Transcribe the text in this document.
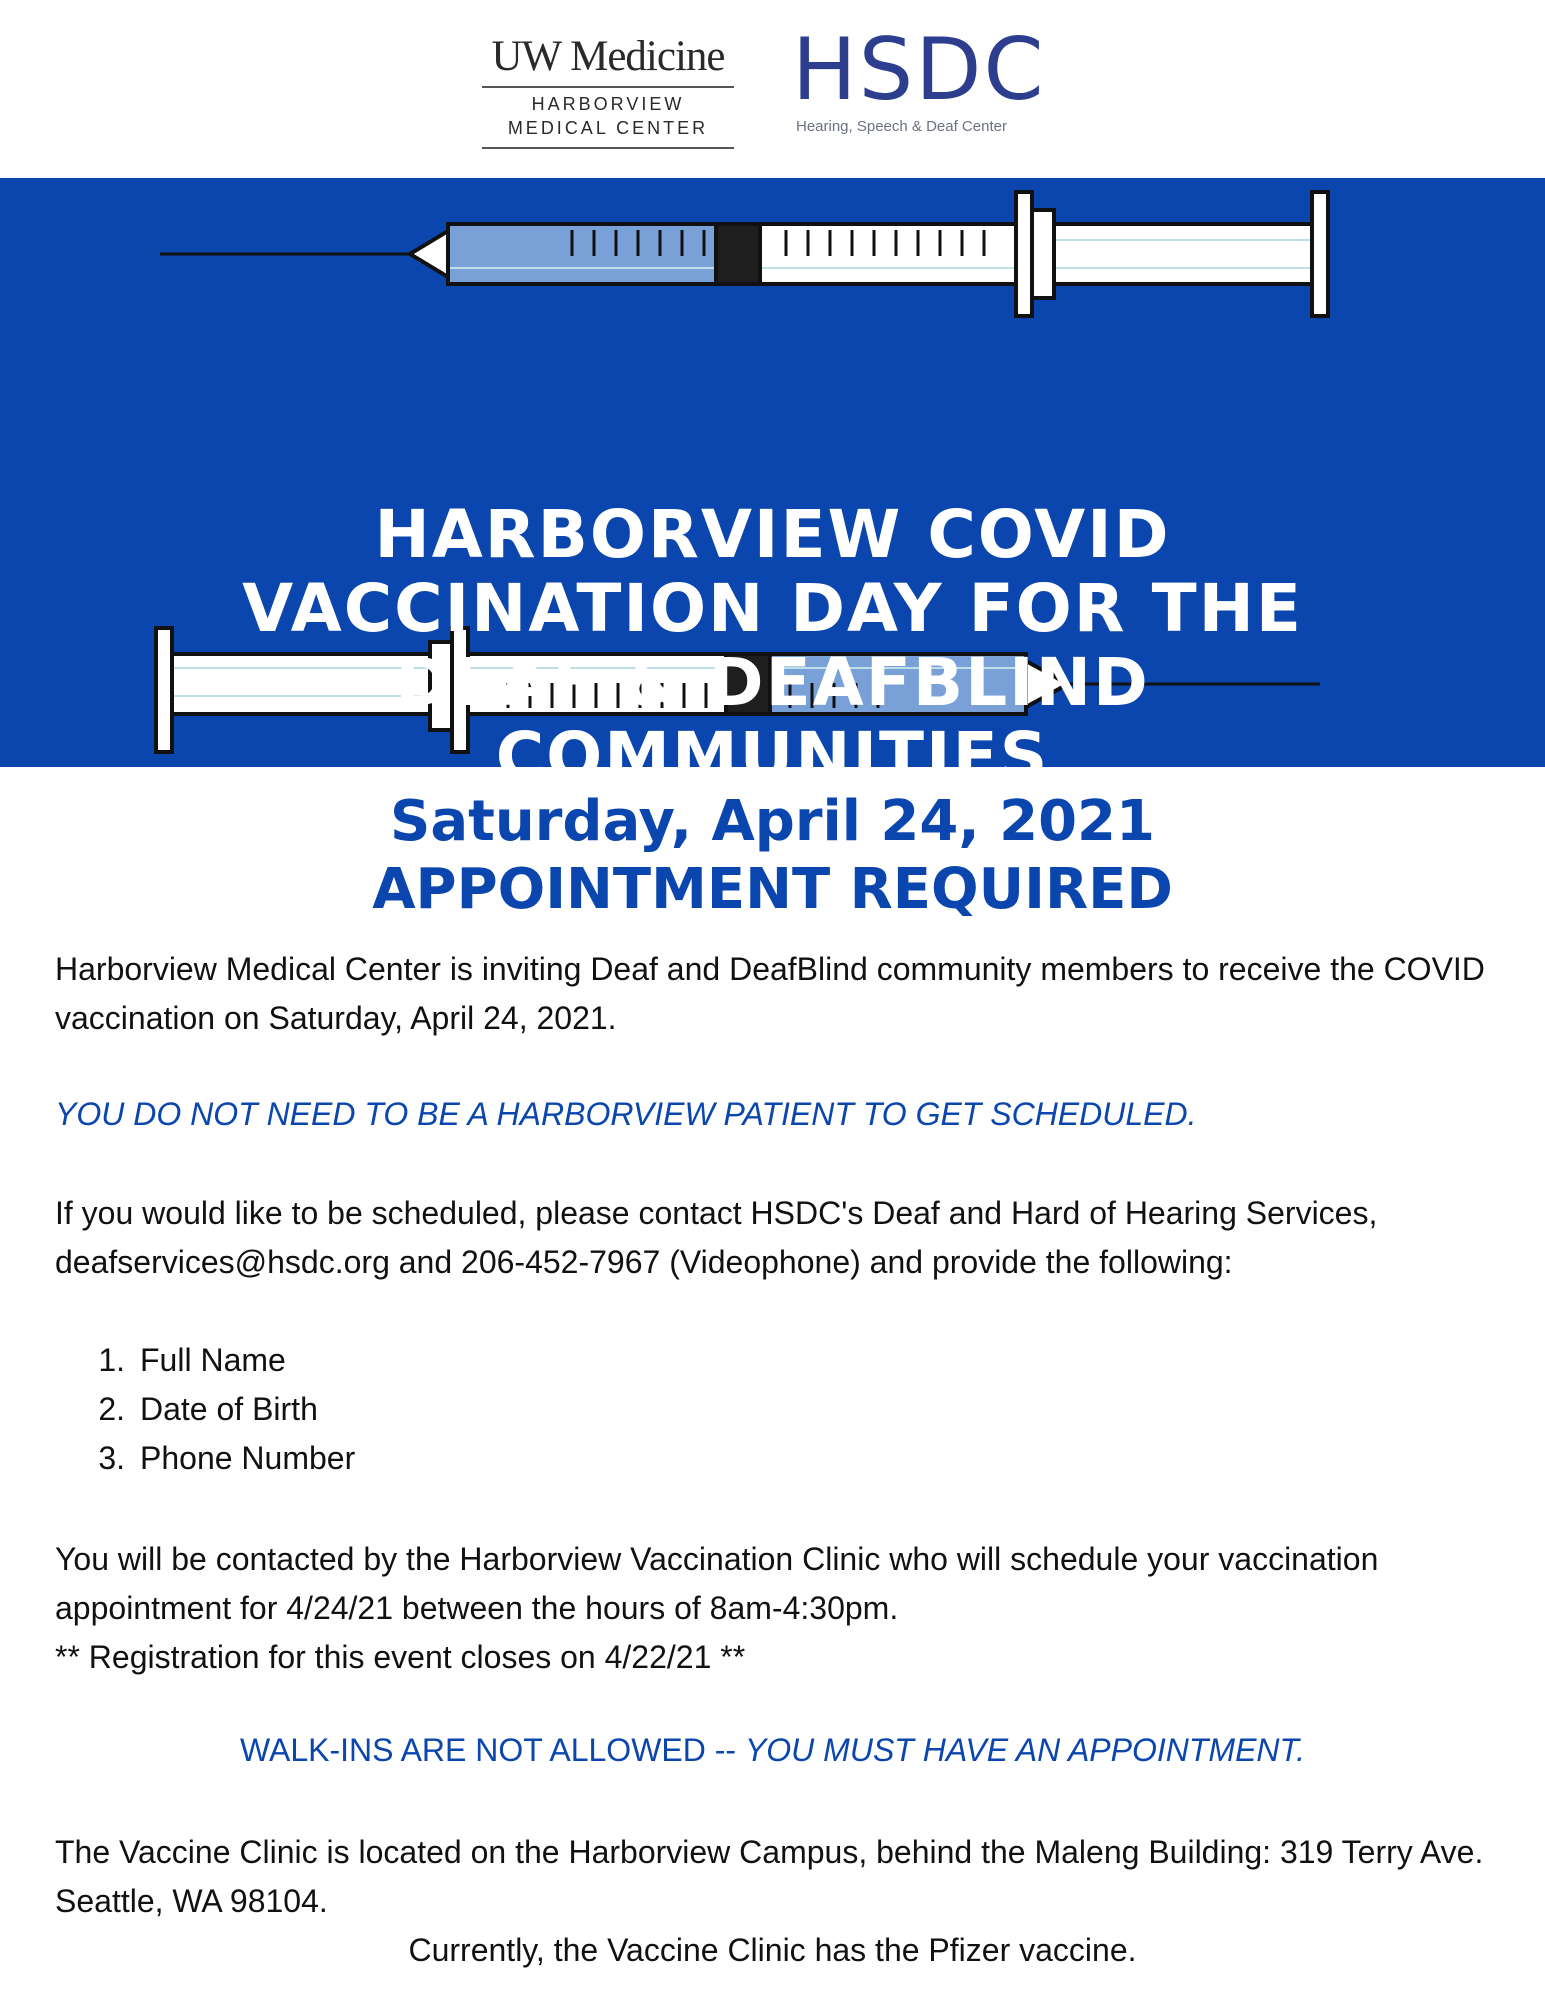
UW Medicine
HARBORVIEW
MEDICAL CENTER
HSDC
Hearing, Speech & Deaf Center
HARBORVIEW COVID
VACCINATION DAY FOR THE
DEAF & DEAFBLIND
COMMUNITIES
Saturday, April 24, 2021
APPOINTMENT REQUIRED

Harborview Medical Center is inviting Deaf and DeafBlind community members to receive the COVID vaccination on Saturday, April 24, 2021.

YOU DO NOT NEED TO BE A HARBORVIEW PATIENT TO GET SCHEDULED.

If you would like to be scheduled, please contact HSDC's Deaf and Hard of Hearing Services, deafservices@hsdc.org and 206-452-7967 (Videophone) and provide the following:

1. Full Name
2. Date of Birth
3. Phone Number

You will be contacted by the Harborview Vaccination Clinic who will schedule your vaccination appointment for 4/24/21 between the hours of 8am-4:30pm.

** Registration for this event closes on 4/22/21 **

WALK-INS ARE NOT ALLOWED -- YOU MUST HAVE AN APPOINTMENT.

The Vaccine Clinic is located on the Harborview Campus, behind the Maleng Building: 319 Terry Ave. Seattle, WA 98104.

Currently, the Vaccine Clinic has the Pfizer vaccine.
